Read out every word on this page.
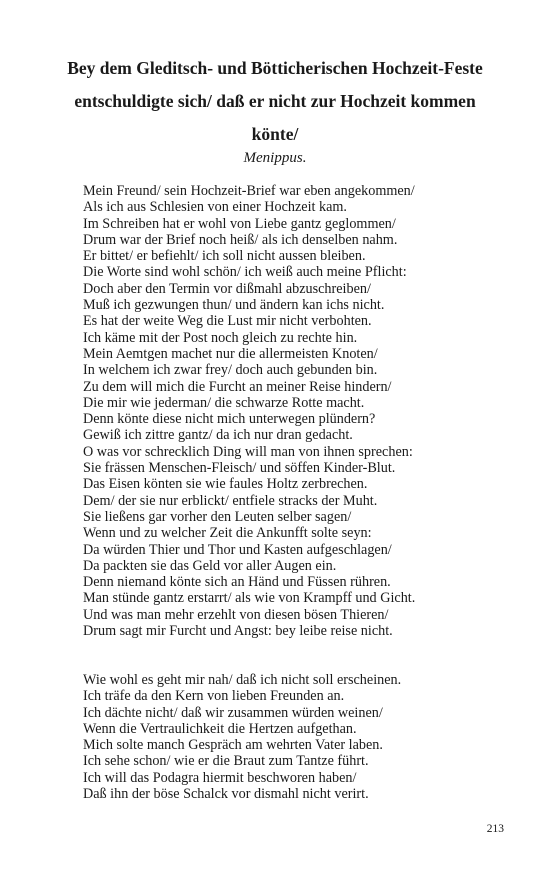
Bey dem Gleditsch- und Bötticherischen Hochzeit-Feste
entschuldigte sich/ daß er nicht zur Hochzeit kommen
könte/

Menippus.

Mein Freund/ sein Hochzeit-Brief war eben angekommen/
Als ich aus Schlesien von einer Hochzeit kam.
Im Schreiben hat er wohl von Liebe gantz geglommen/
Drum war der Brief noch heiß/ als ich denselben nahm.
Er bittet/ er befiehlt/ ich soll nicht aussen bleiben.
Die Worte sind wohl schön/ ich weiß auch meine Pflicht:
Doch aber den Termin vor dißmahl abzuschreiben/
Muß ich gezwungen thun/ und ändern kan ichs nicht.
Es hat der weite Weg die Lust mir nicht verbohten.
Ich käme mit der Post noch gleich zu rechte hin.
Mein Aemtgen machet nur die allermeisten Knoten/
In welchem ich zwar frey/ doch auch gebunden bin.
Zu dem will mich die Furcht an meiner Reise hindern/
Die mir wie jederman/ die schwarze Rotte macht.
Denn könte diese nicht mich unterwegen plündern?
Gewiß ich zittre gantz/ da ich nur dran gedacht.
O was vor schrecklich Ding will man von ihnen sprechen:
Sie frässen Menschen-Fleisch/ und söffen Kinder-Blut.
Das Eisen könten sie wie faules Holtz zerbrechen.
Dem/ der sie nur erblickt/ entfiele stracks der Muht.
Sie ließens gar vorher den Leuten selber sagen/
Wenn und zu welcher Zeit die Ankunfft solte seyn:
Da würden Thier und Thor und Kasten aufgeschlagen/
Da packten sie das Geld vor aller Augen ein.
Denn niemand könte sich an Händ und Füssen rühren.
Man stünde gantz erstarrt/ als wie von Krampff und Gicht.
Und was man mehr erzehlt von diesen bösen Thieren/
Drum sagt mir Furcht und Angst: bey leibe reise nicht.
Wie wohl es geht mir nah/ daß ich nicht soll erscheinen.
Ich träfe da den Kern von lieben Freunden an.
Ich dächte nicht/ daß wir zusammen würden weinen/
Wenn die Vertraulichkeit die Hertzen aufgethan.
Mich solte manch Gespräch am wehrten Vater laben.
Ich sehe schon/ wie er die Braut zum Tantze führt.
Ich will das Podagra hiermit beschworen haben/
Daß ihn der böse Schalck vor dismahl nicht verirt.

213
